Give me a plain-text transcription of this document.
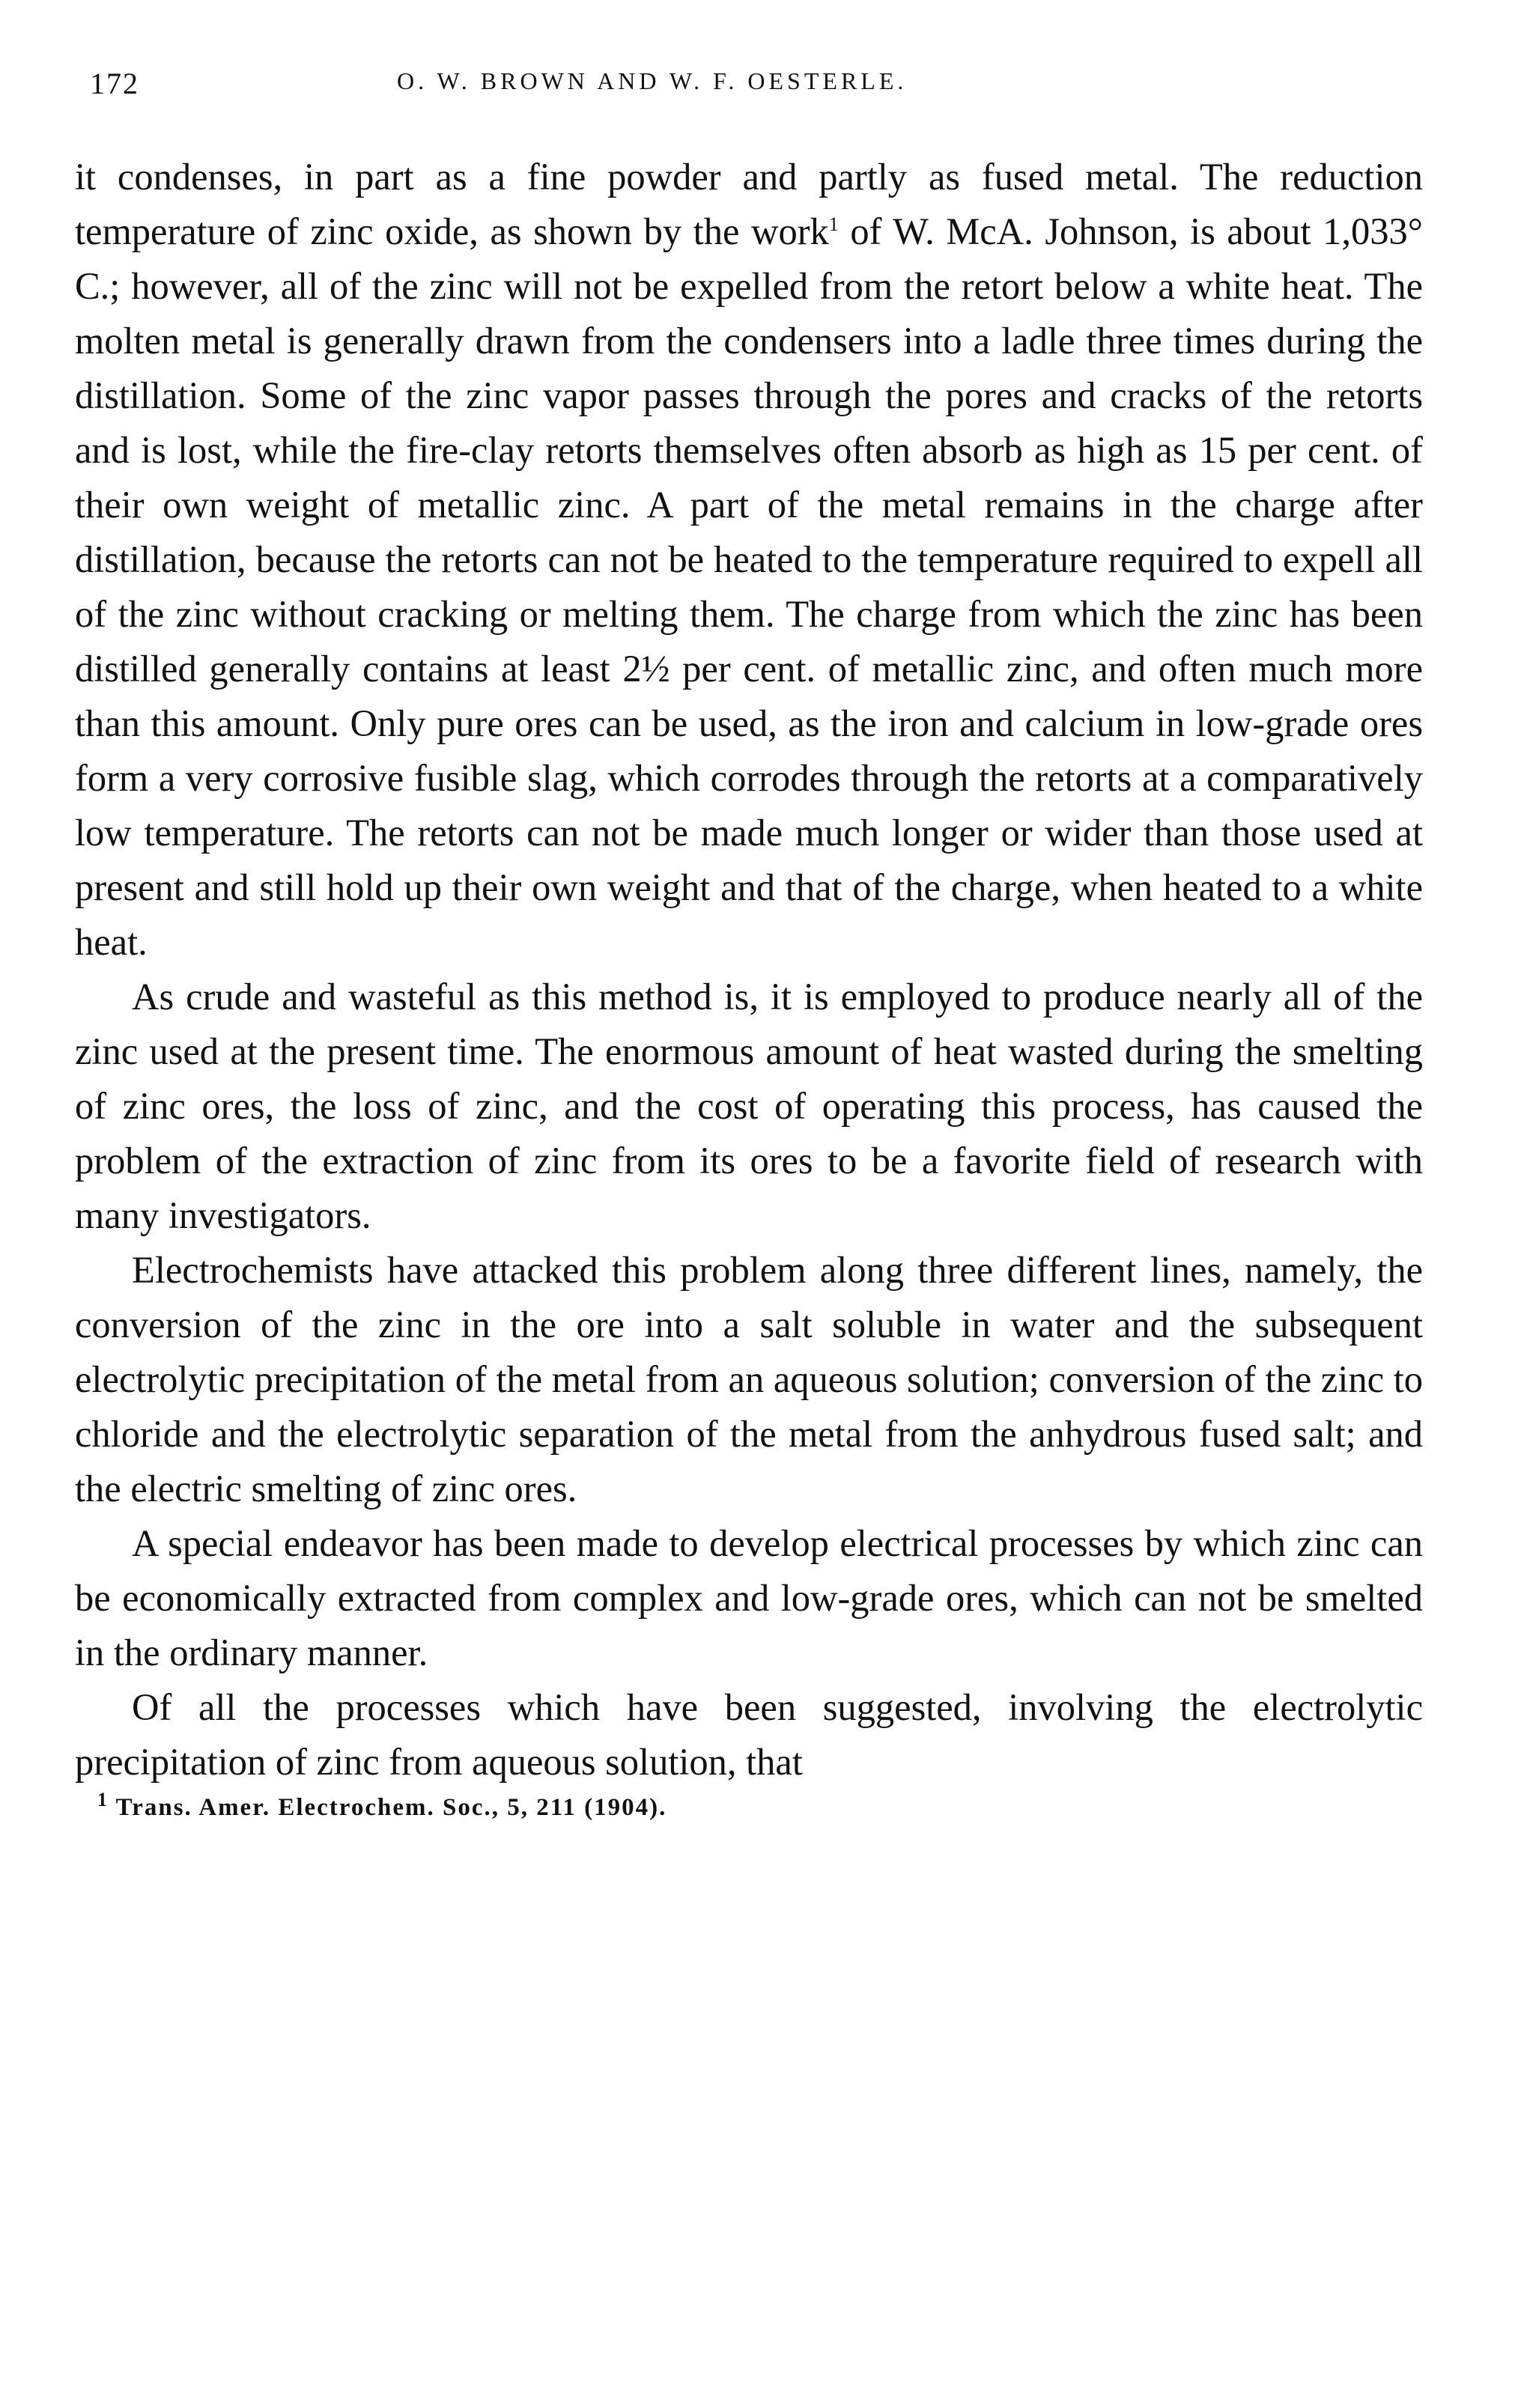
172	O. W. BROWN AND W. F. OESTERLE.

it condenses, in part as a fine powder and partly as fused metal. The reduction temperature of zinc oxide, as shown by the work$^1$ of W. McA. Johnson, is about 1,033° C.; however, all of the zinc will not be expelled from the retort below a white heat. The molten metal is generally drawn from the condensers into a ladle three times during the distillation. Some of the zinc vapor passes through the pores and cracks of the retorts and is lost, while the fire-clay retorts themselves often absorb as high as 15 per cent. of their own weight of metallic zinc. A part of the metal remains in the charge after distillation, because the retorts can not be heated to the temperature required to expell all of the zinc without cracking or melting them. The charge from which the zinc has been distilled generally contains at least 2½ per cent. of metallic zinc, and often much more than this amount. Only pure ores can be used, as the iron and calcium in low-grade ores form a very corrosive fusible slag, which corrodes through the retorts at a comparatively low temperature. The retorts can not be made much longer or wider than those used at present and still hold up their own weight and that of the charge, when heated to a white heat.

As crude and wasteful as this method is, it is employed to produce nearly all of the zinc used at the present time. The enormous amount of heat wasted during the smelting of zinc ores, the loss of zinc, and the cost of operating this process, has caused the problem of the extraction of zinc from its ores to be a favorite field of research with many investigators.

Electrochemists have attacked this problem along three different lines, namely, the conversion of the zinc in the ore into a salt soluble in water and the subsequent electrolytic precipitation of the metal from an aqueous solution; conversion of the zinc to chloride and the electrolytic separation of the metal from the anhydrous fused salt; and the electric smelting of zinc ores.

A special endeavor has been made to develop electrical processes by which zinc can be economically extracted from complex and low-grade ores, which can not be smelted in the ordinary manner.

Of all the processes which have been suggested, involving the electrolytic precipitation of zinc from aqueous solution, that

$^1$ Trans. Amer. Electrochem. Soc., 5, 211 (1904).
